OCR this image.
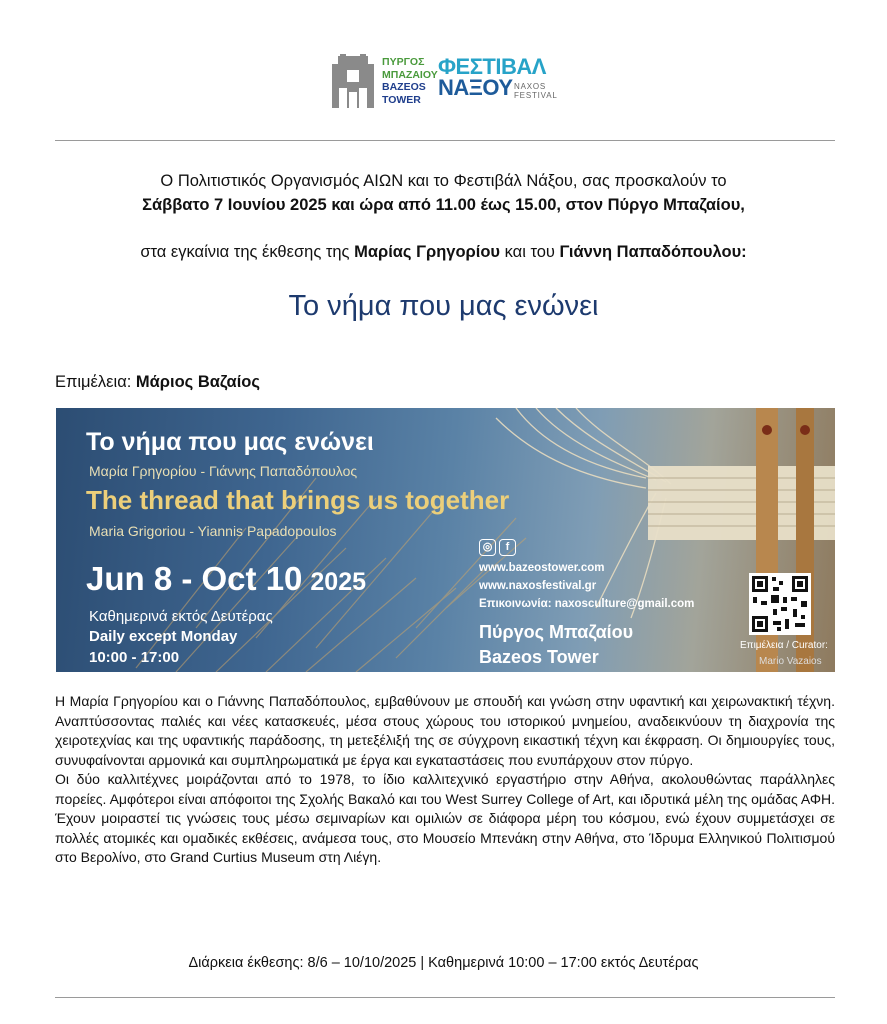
ΠΥΡΓΟΣ
ΜΠΑΖΑΙΟΥ
BAZEOS
TOWER
ΦΕΣΤΙΒΑΛ
ΝΑΞΟΥ NAXOS
FESTIVAL
Ο Πολιτιστικός Οργανισμός ΑΙΩΝ και το Φεστιβάλ Νάξου, σας προσκαλούν το
Σάββατο 7 Ιουνίου 2025 και ώρα από 11.00 έως 15.00, στον Πύργο Μπαζαίου,
στα εγκαίνια της έκθεσης της Μαρίας Γρηγορίου και του Γιάννη Παπαδόπουλου:
Το νήμα που μας ενώνει
Επιμέλεια: Μάριος Βαζαίος
Το νήμα που μας ενώνει
Μαρία Γρηγορίου - Γιάννης Παπαδόπουλος
The thread that brings us together
Maria Grigoriou - Yiannis Papadopoulos
Jun 8 - Oct 10 2025
Καθημερινά εκτός Δευτέρας
Daily except Monday
10:00 - 17:00
◎ f
www.bazeostower.com
www.naxosfestival.gr
Επικοινωνία: naxosculture@gmail.com
Πύργος Μπαζαίου
Bazeos Tower
Επιμέλεια / Curator:
Mario Vazaios

Η Μαρία Γρηγορίου και ο Γιάννης Παπαδόπουλος, εμβαθύνουν με σπουδή και γνώση στην υφαντική και χειρωνακτική τέχνη. Αναπτύσσοντας παλιές και νέες κατασκευές, μέσα στους χώρους του ιστορικού μνημείου, αναδεικνύουν τη διαχρονία της χειροτεχνίας και της υφαντικής παράδοσης, τη μετεξέλιξή της σε σύγχρονη εικαστική τέχνη και έκφραση. Οι δημιουργίες τους, συνυφαίνονται αρμονικά και συμπληρωματικά με έργα και εγκαταστάσεις που ενυπάρχουν στον πύργο.

Οι δύο καλλιτέχνες μοιράζονται από το 1978, το ίδιο καλλιτεχνικό εργαστήριο στην Αθήνα, ακολουθώντας παράλληλες πορείες. Αμφότεροι είναι απόφοιτοι της Σχολής Βακαλό και του West Surrey College of Art, και ιδρυτικά μέλη της ομάδας ΑΦΗ. Έχουν μοιραστεί τις γνώσεις τους μέσω σεμιναρίων και ομιλιών σε διάφορα μέρη του κόσμου, ενώ έχουν συμμετάσχει σε πολλές ατομικές και ομαδικές εκθέσεις, ανάμεσα τους, στο Μουσείο Μπενάκη στην Αθήνα, στο Ίδρυμα Ελληνικού Πολιτισμού στο Βερολίνο, στο Grand Curtius Museum στη Λιέγη.

Διάρκεια έκθεσης: 8/6 – 10/10/2025 | Καθημερινά 10:00 – 17:00 εκτός Δευτέρας
